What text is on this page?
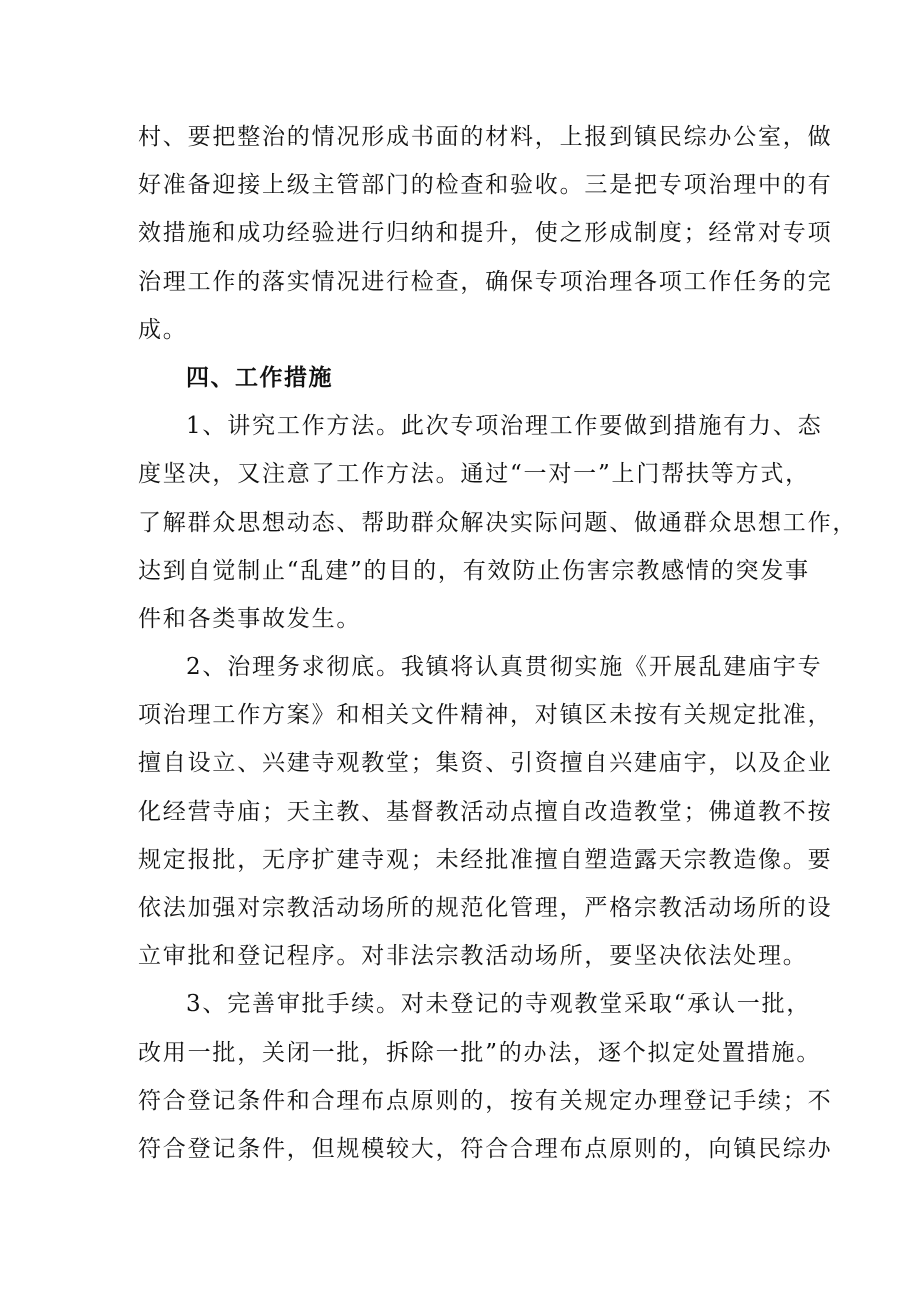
村、要把整治的情况形成书面的材料，上报到镇民综办公室，做
好准备迎接上级主管部门的检查和验收。三是把专项治理中的有
效措施和成功经验进行归纳和提升，使之形成制度；经常对专项
治理工作的落实情况进行检查，确保专项治理各项工作任务的完
成。
四、工作措施
1、讲究工作方法。此次专项治理工作要做到措施有力、态
度坚决，又注意了工作方法。通过“一对一”上门帮扶等方式，
了解群众思想动态、帮助群众解决实际问题、做通群众思想工作，
达到自觉制止“乱建”的目的，有效防止伤害宗教感情的突发事
件和各类事故发生。
2、治理务求彻底。我镇将认真贯彻实施《开展乱建庙宇专
项治理工作方案》和相关文件精神，对镇区未按有关规定批准，
擅自设立、兴建寺观教堂；集资、引资擅自兴建庙宇，以及企业
化经营寺庙；天主教、基督教活动点擅自改造教堂；佛道教不按
规定报批，无序扩建寺观；未经批准擅自塑造露天宗教造像。要
依法加强对宗教活动场所的规范化管理，严格宗教活动场所的设
立审批和登记程序。对非法宗教活动场所，要坚决依法处理。
3、完善审批手续。对未登记的寺观教堂采取“承认一批，
改用一批，关闭一批，拆除一批”的办法，逐个拟定处置措施。
符合登记条件和合理布点原则的，按有关规定办理登记手续；不
符合登记条件，但规模较大，符合合理布点原则的，向镇民综办
